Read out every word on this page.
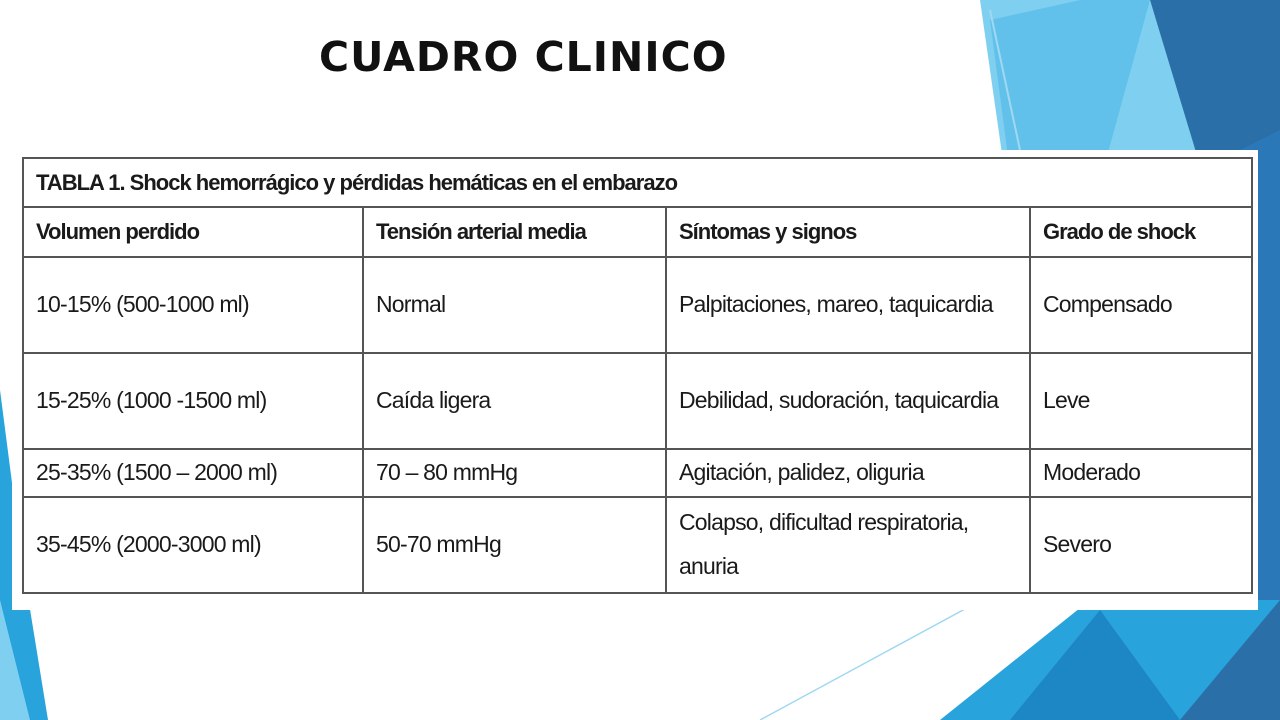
CUADRO CLINICO
TABLA 1. Shock hemorrágico y pérdidas hemáticas en el embarazo			
Volumen perdido	Tensión arterial media	Síntomas y signos	Grado de shock
10-15% (500-1000 ml)	Normal	Palpitaciones, mareo, taquicardia	Compensado
15-25% (1000 -1500 ml)	Caída ligera	Debilidad, sudoración, taquicardia	Leve
25-35% (1500 – 2000 ml)	70 – 80 mmHg	Agitación, palidez, oliguria	Moderado
35-45% (2000-3000 ml)	50-70 mmHg	Colapso, dificultad respiratoria, anuria	Severo
